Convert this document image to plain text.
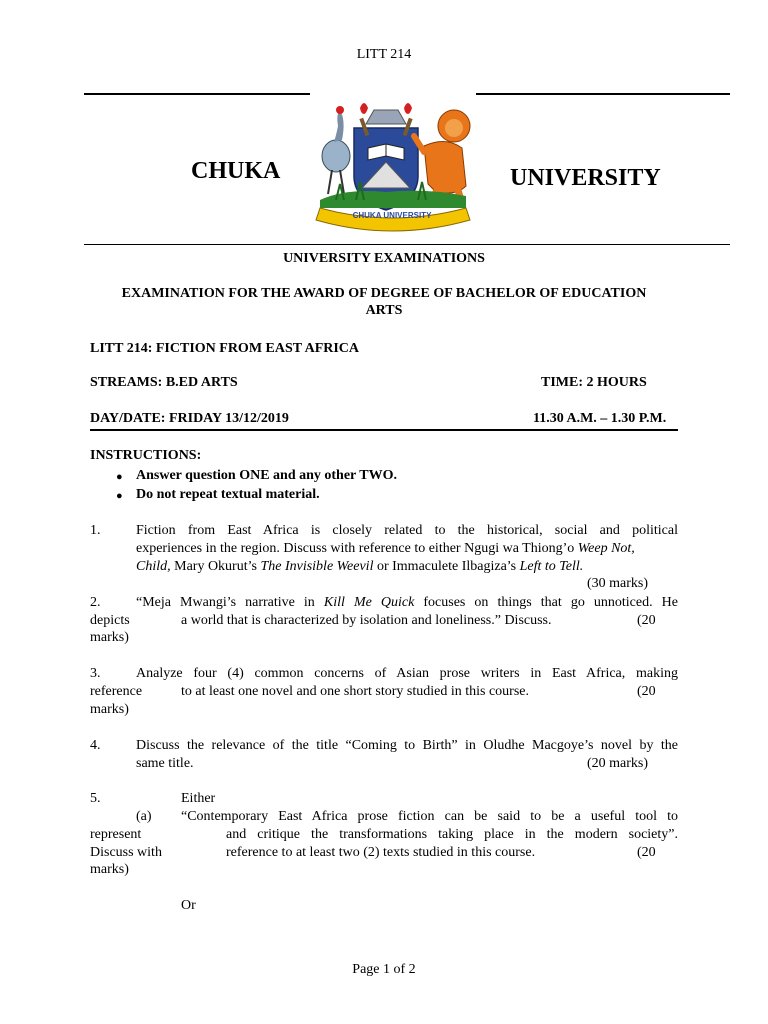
LITT 214
CHUKA	UNIVERSITY
CHUKA UNIVERSITY
UNIVERSITY EXAMINATIONS
EXAMINATION FOR THE AWARD OF DEGREE OF BACHELOR OF EDUCATION
ARTS
LITT 214: FICTION FROM EAST AFRICA
STREAMS: B.ED ARTS	TIME: 2 HOURS
DAY/DATE: FRIDAY 13/12/2019	11.30 A.M. – 1.30 P.M.
INSTRUCTIONS:
● Answer question ONE and any other TWO.
● Do not repeat textual material.
1.	Fiction from East Africa is closely related to the historical, social and political
experiences in the region. Discuss with reference to either Ngugi wa Thiong’o Weep Not,
Child, Mary Okurut’s The Invisible Weevil or Immaculete Ilbagiza’s Left to Tell.
(30 marks)
2.	“Meja Mwangi’s narrative in Kill Me Quick focuses on things that go unnoticed. He
depicts	a world that is characterized by isolation and loneliness.” Discuss.	(20
marks)
3.	Analyze four (4) common concerns of Asian prose writers in East Africa, making
reference	to at least one novel and one short story studied in this course.	(20
marks)
4.	Discuss the relevance of the title “Coming to Birth” in Oludhe Macgoye’s novel by the
same title.	(20 marks)
5.	Either
(a) “Contemporary East Africa prose fiction can be said to be a useful tool to
represent	and critique the transformations taking place in the modern society”.
Discuss with	reference to at least two (2) texts studied in this course.	(20
marks)
Or
Page 1 of 2
